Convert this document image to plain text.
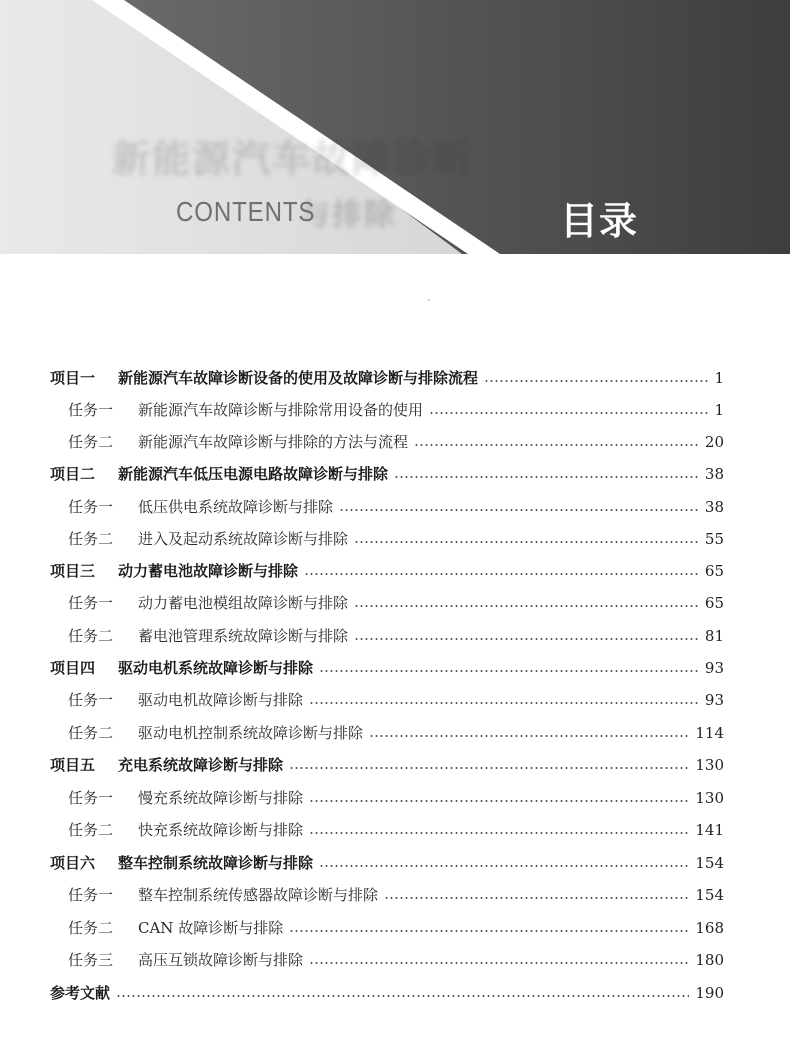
新能源汽车故障诊断
与排除
CONTENTS	目录
项目一	新能源汽车故障诊断设备的使用及故障诊断与排除流程	1
任务一	新能源汽车故障诊断与排除常用设备的使用	1
任务二	新能源汽车故障诊断与排除的方法与流程	20
项目二	新能源汽车低压电源电路故障诊断与排除	38
任务一	低压供电系统故障诊断与排除	38
任务二	进入及起动系统故障诊断与排除	55
项目三	动力蓄电池故障诊断与排除	65
任务一	动力蓄电池模组故障诊断与排除	65
任务二	蓄电池管理系统故障诊断与排除	81
项目四	驱动电机系统故障诊断与排除	93
任务一	驱动电机故障诊断与排除	93
任务二	驱动电机控制系统故障诊断与排除	114
项目五	充电系统故障诊断与排除	130
任务一	慢充系统故障诊断与排除	130
任务二	快充系统故障诊断与排除	141
项目六	整车控制系统故障诊断与排除	154
任务一	整车控制系统传感器故障诊断与排除	154
任务二	CAN 故障诊断与排除	168
任务三	高压互锁故障诊断与排除	180
参考文献	190
